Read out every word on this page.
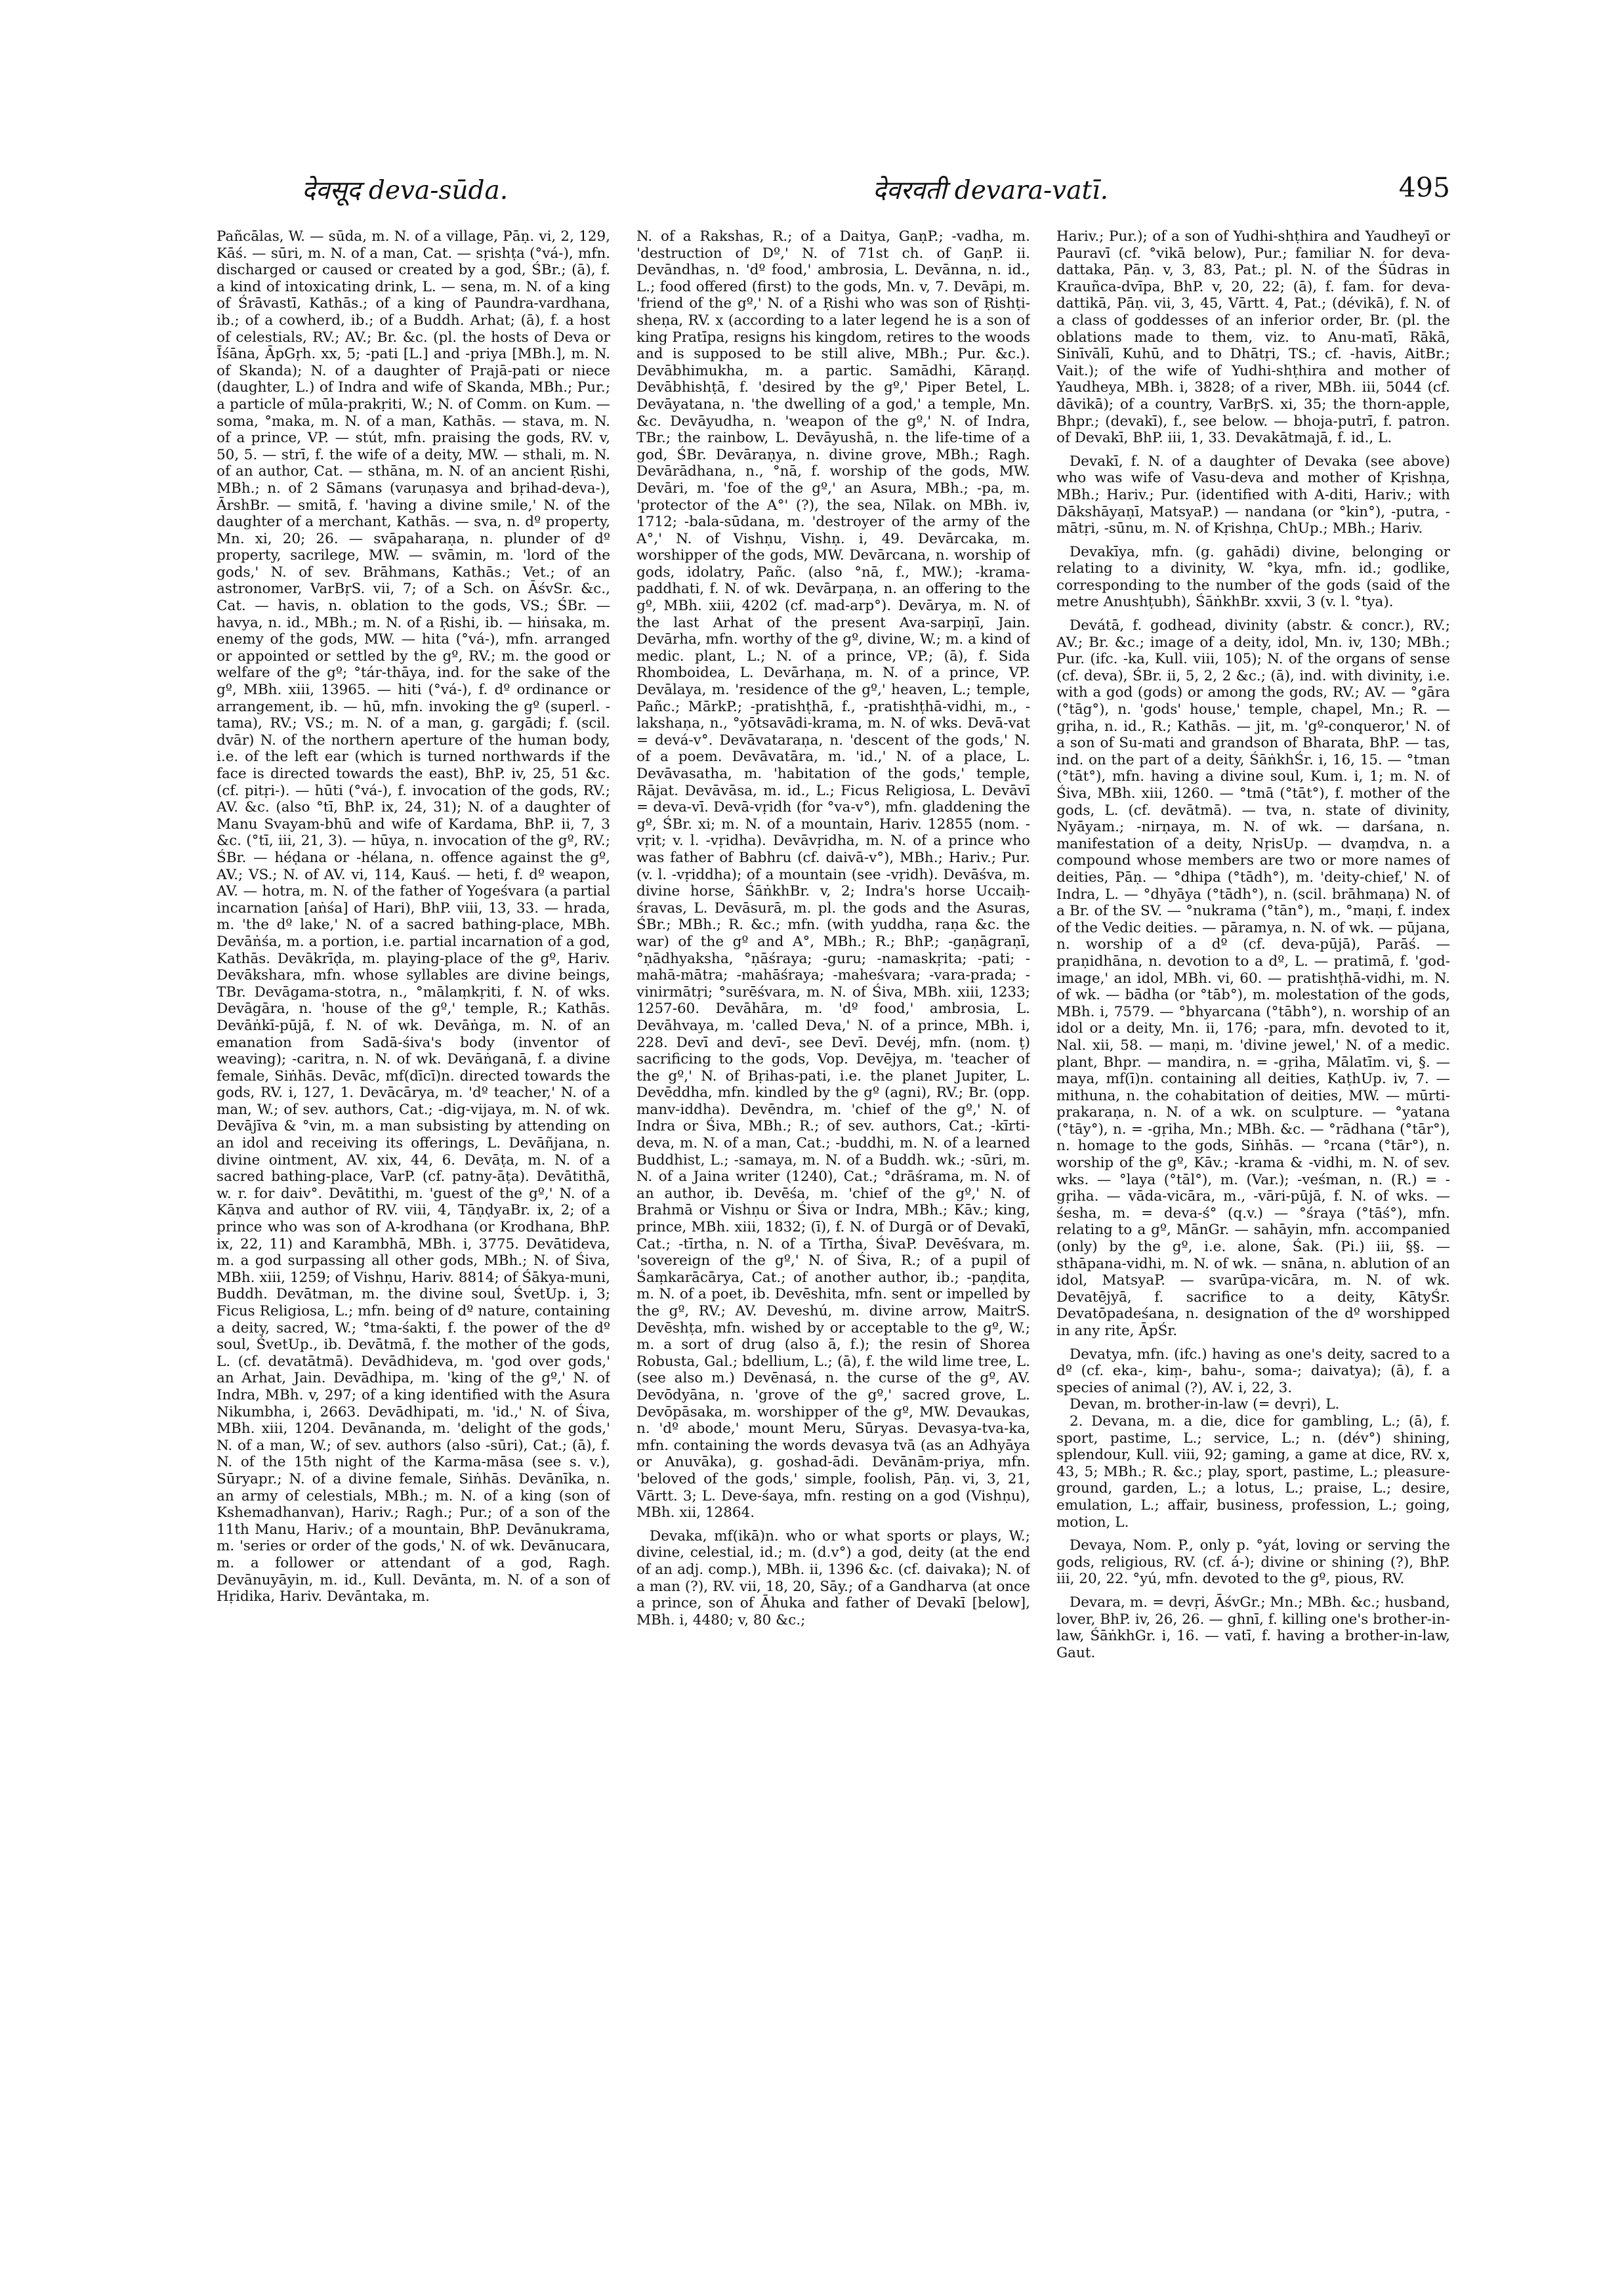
देवसूद deva-sūda.	देवरवती devara-vatī.	495

Pañcālas, W. — sūda, m. N. of a village, Pāṇ. vi, 2, 129, Kāś. — sūri, m. N. of a man, Cat. — sṛishṭa (°vá-), mfn. discharged or caused or created by a god, ŚBr.; (ā), f. a kind of intoxicating drink, L. — sena, m. N. of a king of Śrāvastī, Kathās.; of a king of Paundra-vardhana, ib.; of a cowherd, ib.; of a Buddh. Arhat; (ā), f. a host of celestials, RV.; AV.; Br. &c. (pl. the hosts of Deva or Īśāna, ĀpGṛh. xx, 5; -pati [L.] and -priya [MBh.], m. N. of Skanda); N. of a daughter of Prajā-pati or niece (daughter, L.) of Indra and wife of Skanda, MBh.; Pur.; a particle of mūla-prakṛiti, W.; N. of Comm. on Kum. — soma, °maka, m. N. of a man, Kathās. — stava, m. N. of a prince, VP. — stút, mfn. praising the gods, RV. v, 50, 5. — strī, f. the wife of a deity, MW. — sthali, m. N. of an author, Cat. — sthāna, m. N. of an ancient Ṛishi, MBh.; n. of 2 Sāmans (varuṇasya and bṛihad-deva-), ĀrshBr. — smitā, f. 'having a divine smile,' N. of the daughter of a merchant, Kathās. — sva, n. dº property, Mn. xi, 20; 26. — svāpaharaṇa, n. plunder of dº property, sacrilege, MW. — svāmin, m. 'lord of the gods,' N. of sev. Brāhmans, Kathās.; Vet.; of an astronomer, VarBṛS. vii, 7; of a Sch. on ĀśvSr. &c., Cat. — havis, n. oblation to the gods, VS.; ŚBr. — havya, n. id., MBh.; m. N. of a Ṛishi, ib. — hiṅsaka, m. enemy of the gods, MW. — hita (°vá-), mfn. arranged or appointed or settled by the gº, RV.; m. the good or welfare of the gº; °tár-thāya, ind. for the sake of the gº, MBh. xiii, 13965. — hiti (°vá-), f. dº ordinance or arrangement, ib. — hū, mfn. invoking the gº (superl. -tama), RV.; VS.; m. N. of a man, g. gargādi; f. (scil. dvār) N. of the northern aperture of the human body, i.e. of the left ear (which is turned northwards if the face is directed towards the east), BhP. iv, 25, 51 &c. (cf. pitṛi-). — hūti (°vá-), f. invocation of the gods, RV.; AV. &c. (also °tī, BhP. ix, 24, 31); N. of a daughter of Manu Svayam-bhū and wife of Kardama, BhP. ii, 7, 3 &c. (°tī, iii, 21, 3). — hūya, n. invocation of the gº, RV.; ŚBr. — héḍana or -hélana, n. offence against the gº, AV.; VS.; N. of AV. vi, 114, Kauś. — heti, f. dº weapon, AV. — hotra, m. N. of the father of Yogeśvara (a partial incarnation [aṅśa] of Hari), BhP. viii, 13, 33. — hrada, m. 'the dº lake,' N. of a sacred bathing-place, MBh. Devāṅśa, m. a portion, i.e. partial incarnation of a god, Kathās. Devākrīḍa, m. playing-place of the gº, Hariv. Devākshara, mfn. whose syllables are divine beings, TBr. Devāgama-stotra, n., °mālaṃkṛiti, f. N. of wks. Devāgāra, n. 'house of the gº,' temple, R.; Kathās. Devāṅkī-pūjā, f. N. of wk. Devāṅga, m. N. of an emanation from Sadā-śiva's body (inventor of weaving); -caritra, n. N. of wk. Devāṅganā, f. a divine female, Siṅhās. Devāc, mf(dīcī)n. directed towards the gods, RV. i, 127, 1. Devācārya, m. 'dº teacher,' N. of a man, W.; of sev. authors, Cat.; -dig-vijaya, m. N. of wk. Devājīva & °vin, m. a man subsisting by attending on an idol and receiving its offerings, L. Devāñjana, n. divine ointment, AV. xix, 44, 6. Devāṭa, m. N. of a sacred bathing-place, VarP. (cf. patny-āṭa). Devātithā, w. r. for daiv°. Devātithi, m. 'guest of the gº,' N. of a Kāṇva and author of RV. viii, 4, TāṇḍyaBr. ix, 2; of a prince who was son of A-krodhana (or Krodhana, BhP. ix, 22, 11) and Karambhā, MBh. i, 3775. Devātideva, m. a god surpassing all other gods, MBh.; N. of Śiva, MBh. xiii, 1259; of Vishṇu, Hariv. 8814; of Śākya-muni, Buddh. Devātman, m. the divine soul, ŚvetUp. i, 3; Ficus Religiosa, L.; mfn. being of dº nature, containing a deity, sacred, W.; °tma-śakti, f. the power of the dº soul, ŚvetUp., ib. Devātmā, f. the mother of the gods, L. (cf. devatātmā). Devādhideva, m. 'god over gods,' an Arhat, Jain. Devādhipa, m. 'king of the gº,' N. of Indra, MBh. v, 297; of a king identified with the Asura Nikumbha, i, 2663. Devādhipati, m. 'id.,' N. of Śiva, MBh. xiii, 1204. Devānanda, m. 'delight of the gods,' N. of a man, W.; of sev. authors (also -sūri), Cat.; (ā), f. N. of the 15th night of the Karma-māsa (see s. v.), Sūryapr.; N. of a divine female, Siṅhās. Devānīka, n. an army of celestials, MBh.; m. N. of a king (son of Kshemadhanvan), Hariv.; Ragh.; Pur.; of a son of the 11th Manu, Hariv.; of a mountain, BhP. Devānukrama, m. 'series or order of the gods,' N. of wk. Devānucara, m. a follower or attendant of a god, Ragh. Devānuyāyin, m. id., Kull. Devānta, m. N. of a son of Hṛidika, Hariv. Devāntaka, m.

N. of a Rakshas, R.; of a Daitya, GaṇP.; -vadha, m. 'destruction of Dº,' N. of 71st ch. of GaṇP. ii. Devāndhas, n. 'dº food,' ambrosia, L. Devānna, n. id., L.; food offered (first) to the gods, Mn. v, 7. Devāpi, m. 'friend of the gº,' N. of a Ṛishi who was son of Ṛishṭi-sheṇa, RV. x (according to a later legend he is a son of king Pratīpa, resigns his kingdom, retires to the woods and is supposed to be still alive, MBh.; Pur. &c.). Devābhimukha, m. a partic. Samādhi, Kāraṇḍ. Devābhishṭā, f. 'desired by the gº,' Piper Betel, L. Devāyatana, n. 'the dwelling of a god,' a temple, Mn. &c. Devāyudha, n. 'weapon of the gº,' N. of Indra, TBr.; the rainbow, L. Devāyushā, n. the life-time of a god, ŚBr. Devāraṇya, n. divine grove, MBh.; Ragh. Devārādhana, n., °nā, f. worship of the gods, MW. Devāri, m. 'foe of the gº,' an Asura, MBh.; -pa, m. 'protector of the A°' (?), the sea, Nīlak. on MBh. iv, 1712; -bala-sūdana, m. 'destroyer of the army of the A°,' N. of Vishṇu, Vishṇ. i, 49. Devārcaka, m. worshipper of the gods, MW. Devārcana, n. worship of gods, idolatry, Pañc. (also °nā, f., MW.); -krama-paddhati, f. N. of wk. Devārpaṇa, n. an offering to the gº, MBh. xiii, 4202 (cf. mad-arp°). Devārya, m. N. of the last Arhat of the present Ava-sarpiṇī, Jain. Devārha, mfn. worthy of the gº, divine, W.; m. a kind of medic. plant, L.; N. of a prince, VP.; (ā), f. Sida Rhomboidea, L. Devārhaṇa, m. N. of a prince, VP. Devālaya, m. 'residence of the gº,' heaven, L.; temple, Pañc.; MārkP.; -pratishṭhā, f., -pratishṭhā-vidhi, m., -lakshaṇa, n., °yōtsavādi-krama, m. N. of wks. Devā-vat = devá-v°. Devāvataraṇa, n. 'descent of the gods,' N. of a poem. Devāvatāra, m. 'id.,' N. of a place, L. Devāvasatha, m. 'habitation of the gods,' temple, Rājat. Devāvāsa, m. id., L.; Ficus Religiosa, L. Devāvī = deva-vī. Devā-vṛidh (for °va-v°), mfn. gladdening the gº, ŚBr. xi; m. N. of a mountain, Hariv. 12855 (nom. -vṛit; v. l. -vṛidha). Devāvṛidha, m. N. of a prince who was father of Babhru (cf. daivā-v°), MBh.; Hariv.; Pur. (v. l. -vṛiddha); of a mountain (see -vṛidh). Devāśva, m. divine horse, ŚāṅkhBr. v, 2; Indra's horse Uccaiḥ-śravas, L. Devāsurā, m. pl. the gods and the Asuras, ŚBr.; MBh.; R. &c.; mfn. (with yuddha, raṇa &c. the war) of the gº and A°, MBh.; R.; BhP.; -gaṇāgraṇī, °ṇādhyaksha, °ṇāśraya; -guru; -namaskṛita; -pati; -mahā-mātra; -mahāśraya; -maheśvara; -vara-prada; -vinirmātṛi; °surēśvara, m. N. of Śiva, MBh. xiii, 1233; 1257-60. Devāhāra, m. 'dº food,' ambrosia, L. Devāhvaya, m. 'called Deva,' N. of a prince, MBh. i, 228. Devī and devī-, see Devī. Devéj, mfn. (nom. ṭ) sacrificing to the gods, Vop. Devējya, m. 'teacher of the gº,' N. of Bṛihas-pati, i.e. the planet Jupiter, L. Devēddha, mfn. kindled by the gº (agni), RV.; Br. (opp. manv-iddha). Devēndra, m. 'chief of the gº,' N. of Indra or Śiva, MBh.; R.; of sev. authors, Cat.; -kīrti-deva, m. N. of a man, Cat.; -buddhi, m. N. of a learned Buddhist, L.; -samaya, m. N. of a Buddh. wk.; -sūri, m. N. of a Jaina writer (1240), Cat.; °drāśrama, m. N. of an author, ib. Devēśa, m. 'chief of the gº,' N. of Brahmā or Vishṇu or Śiva or Indra, MBh.; Kāv.; king, prince, MBh. xiii, 1832; (ī), f. N. of Durgā or of Devakī, Cat.; -tīrtha, n. N. of a Tīrtha, ŚivaP. Devēśvara, m. 'sovereign of the gº,' N. of Śiva, R.; of a pupil of Śaṃkarācārya, Cat.; of another author, ib.; -paṇḍita, m. N. of a poet, ib. Devēshita, mfn. sent or impelled by the gº, RV.; AV. Deveshú, m. divine arrow, MaitrS. Devēshṭa, mfn. wished by or acceptable to the gº, W.; m. a sort of drug (also ā, f.); the resin of Shorea Robusta, Gal.; bdellium, L.; (ā), f. the wild lime tree, L. (see also m.) Devēnasá, n. the curse of the gº, AV. Devōdyāna, n. 'grove of the gº,' sacred grove, L. Devōpāsaka, m. worshipper of the gº, MW. Devaukas, n. 'dº abode,' mount Meru, Sūryas. Devasya-tva-ka, mfn. containing the words devasya tvā (as an Adhyāya or Anuvāka), g. goshad-ādi. Devānām-priya, mfn. 'beloved of the gods,' simple, foolish, Pāṇ. vi, 3, 21, Vārtt. 3; L. Deve-śaya, mfn. resting on a god (Vishṇu), MBh. xii, 12864.

Devaka, mf(ikā)n. who or what sports or plays, W.; divine, celestial, id.; m. (d.v°) a god, deity (at the end of an adj. comp.), MBh. ii, 1396 &c. (cf. daivaka); N. of a man (?), RV. vii, 18, 20, Sāy.; of a Gandharva (at once a prince, son of Āhuka and father of Devakī [below], MBh. i, 4480; v, 80 &c.;

Hariv.; Pur.); of a son of Yudhi-shṭhira and Yaudheyī or Pauravī (cf. °vikā below), Pur.; familiar N. for deva-dattaka, Pāṇ. v, 3, 83, Pat.; pl. N. of the Śūdras in Krauñca-dvīpa, BhP. v, 20, 22; (ā), f. fam. for deva-dattikā, Pāṇ. vii, 3, 45, Vārtt. 4, Pat.; (dévikā), f. N. of a class of goddesses of an inferior order, Br. (pl. the oblations made to them, viz. to Anu-matī, Rākā, Sinīvālī, Kuhū, and to Dhātṛi, TS.; cf. -havis, AitBr.; Vait.); of the wife of Yudhi-shṭhira and mother of Yaudheya, MBh. i, 3828; of a river, MBh. iii, 5044 (cf. dāvikā); of a country, VarBṛS. xi, 35; the thorn-apple, Bhpr.; (devakī), f., see below. — bhoja-putrī, f. patron. of Devakī, BhP. iii, 1, 33. Devakātmajā, f. id., L.

Devakī, f. N. of a daughter of Devaka (see above) who was wife of Vasu-deva and mother of Kṛishṇa, MBh.; Hariv.; Pur. (identified with A-diti, Hariv.; with Dākshāyaṇī, MatsyaP.) — nandana (or °kin°), -putra, -mātṛi, -sūnu, m. N. of Kṛishṇa, ChUp.; MBh.; Hariv.

Devakīya, mfn. (g. gahādi) divine, belonging or relating to a divinity, W. °kya, mfn. id.; godlike, corresponding to the number of the gods (said of the metre Anushṭubh), ŚāṅkhBr. xxvii, 3 (v. l. °tya).

Devátā, f. godhead, divinity (abstr. & concr.), RV.; AV.; Br. &c.; image of a deity, idol, Mn. iv, 130; MBh.; Pur. (ifc. -ka, Kull. viii, 105); N. of the organs of sense (cf. deva), ŚBr. ii, 5, 2, 2 &c.; (ā), ind. with divinity, i.e. with a god (gods) or among the gods, RV.; AV. — °gāra (°tāg°), n. 'gods' house,' temple, chapel, Mn.; R. — gṛiha, n. id., R.; Kathās. — jit, m. 'gº-conqueror,' N. of a son of Su-mati and grandson of Bharata, BhP. — tas, ind. on the part of a deity, ŚāṅkhŚr. i, 16, 15. — °tman (°tāt°), mfn. having a divine soul, Kum. i, 1; m. N. of Śiva, MBh. xiii, 1260. — °tmā (°tāt°), f. mother of the gods, L. (cf. devātmā). — tva, n. state of divinity, Nyāyam.; -nirṇaya, m. N. of wk. — darśana, n. manifestation of a deity, NṛisUp. — dvaṃdva, n. a compound whose members are two or more names of deities, Pāṇ. — °dhipa (°tādh°), m. 'deity-chief,' N. of Indra, L. — °dhyāya (°tādh°), n. (scil. brāhmaṇa) N. of a Br. of the SV. — °nukrama (°tān°), m., °maṇi, f. index of the Vedic deities. — pāramya, n. N. of wk. — pūjana, n. worship of a dº (cf. deva-pūjā), Parāś. — praṇidhāna, n. devotion to a dº, L. — pratimā, f. 'god-image,' an idol, MBh. vi, 60. — pratishṭhā-vidhi, m. N. of wk. — bādha (or °tāb°), m. molestation of the gods, MBh. i, 7579. — °bhyarcana (°tābh°), n. worship of an idol or a deity, Mn. ii, 176; -para, mfn. devoted to it, Nal. xii, 58. — maṇi, m. 'divine jewel,' N. of a medic. plant, Bhpr. — mandira, n. = -gṛiha, Mālatīm. vi, §. — maya, mf(ī)n. containing all deities, KaṭhUp. iv, 7. — mithuna, n. the cohabitation of deities, MW. — mūrti-prakaraṇa, n. N. of a wk. on sculpture. — °yatana (°tāy°), n. = -gṛiha, Mn.; MBh. &c. — °rādhana (°tār°), n. homage to the gods, Siṅhās. — °rcana (°tār°), n. worship of the gº, Kāv.; -krama & -vidhi, m. N. of sev. wks. — °laya (°tāl°), m. (Var.); -veśman, n. (R.) = -gṛiha. — vāda-vicāra, m., -vāri-pūjā, f. N. of wks. — śesha, m. = deva-ś° (q.v.) — °śraya (°tāś°), mfn. relating to a gº, MānGr. — sahāyin, mfn. accompanied (only) by the gº, i.e. alone, Śak. (Pi.) iii, §§. — sthāpana-vidhi, m. N. of wk. — snāna, n. ablution of an idol, MatsyaP. — svarūpa-vicāra, m. N. of wk. Devatējyā, f. sacrifice to a deity, KātyŚr. Devatōpadeśana, n. designation of the dº worshipped in any rite, ĀpŚr.

Devatya, mfn. (ifc.) having as one's deity, sacred to a dº (cf. eka-, kiṃ-, bahu-, soma-; daivatya); (ā), f. a species of animal (?), AV. i, 22, 3.

Devan, m. brother-in-law (= devṛi), L.

2. Devana, m. a die, dice for gambling, L.; (ā), f. sport, pastime, L.; service, L.; n. (dév°) shining, splendour, Kull. viii, 92; gaming, a game at dice, RV. x, 43, 5; MBh.; R. &c.; play, sport, pastime, L.; pleasure-ground, garden, L.; a lotus, L.; praise, L.; desire, emulation, L.; affair, business, profession, L.; going, motion, L.

Devaya, Nom. P., only p. °yát, loving or serving the gods, religious, RV. (cf. á-); divine or shining (?), BhP. iii, 20, 22. °yú, mfn. devoted to the gº, pious, RV.

Devara, m. = devṛi, ĀśvGr.; Mn.; MBh. &c.; husband, lover, BhP. iv, 26, 26. — ghnī, f. killing one's brother-in-law, ŚāṅkhGr. i, 16. — vatī, f. having a brother-in-law, Gaut.
